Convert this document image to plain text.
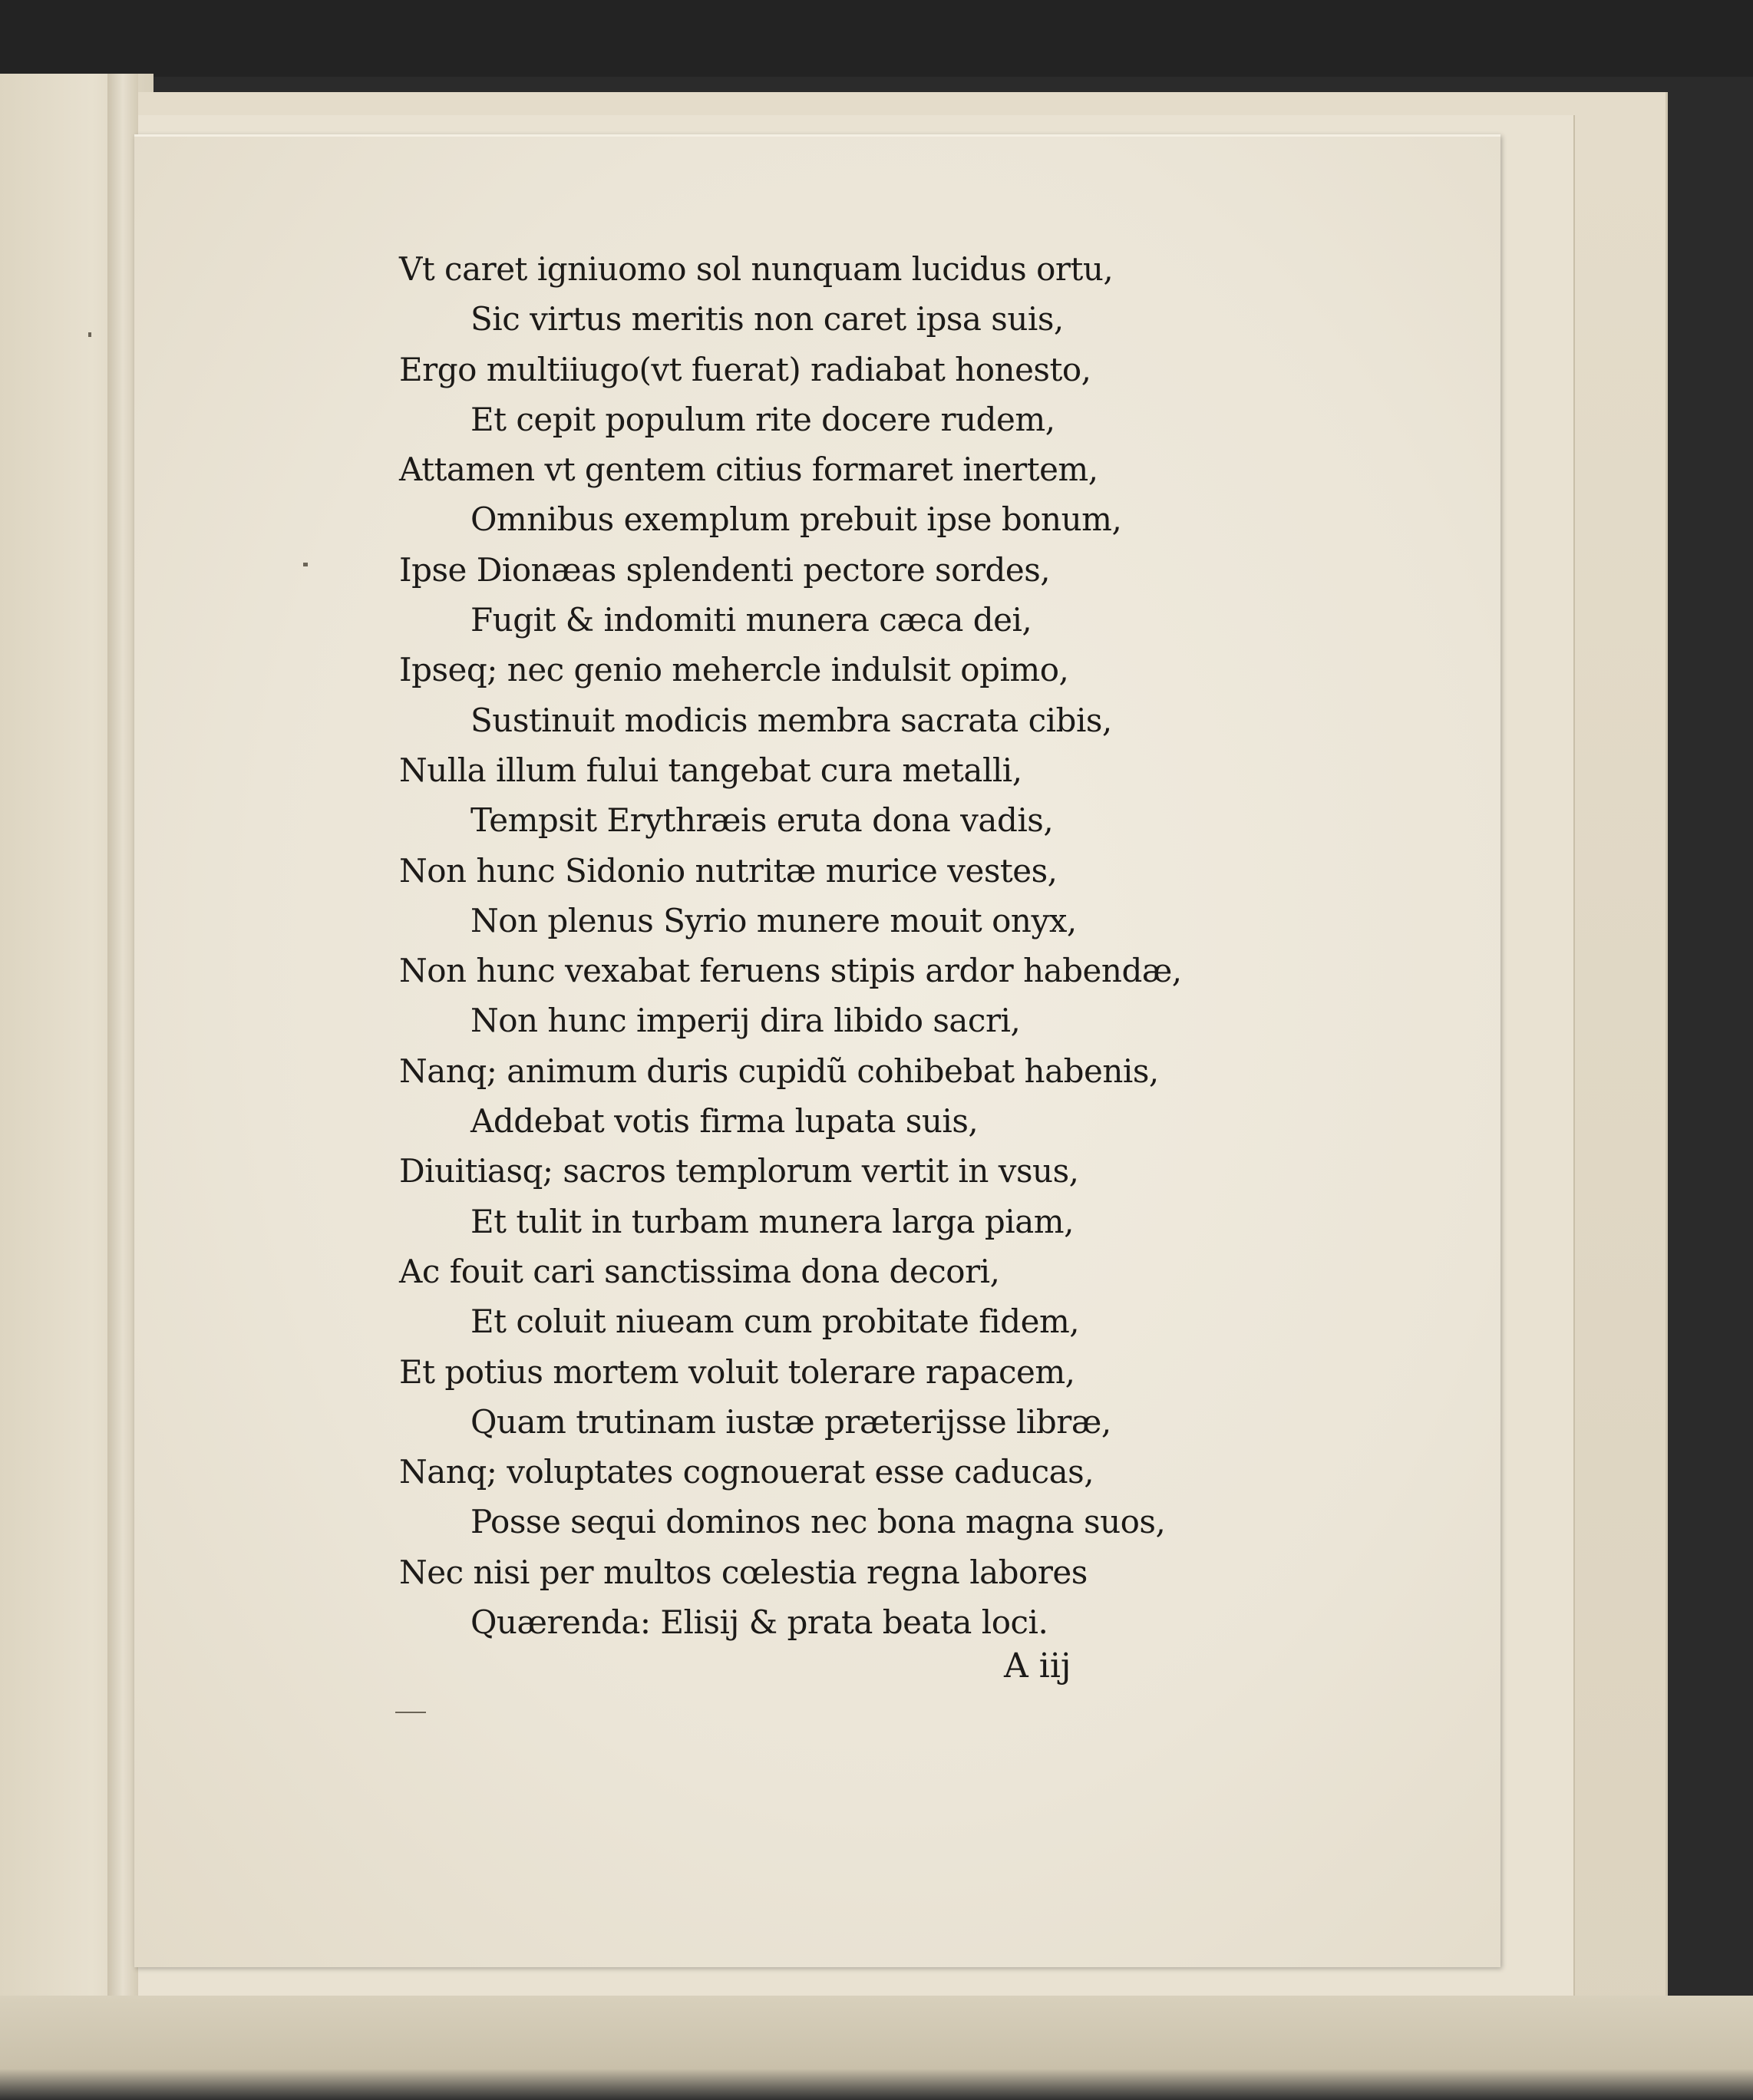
Vt caret igniuomo sol nunquam lucidus ortu,
Sic virtus meritis non caret ipsa suis,
Ergo multiiugo(vt fuerat) radiabat honesto,
Et cepit populum rite docere rudem,
Attamen vt gentem citius formaret inertem,
Omnibus exemplum prebuit ipse bonum,
Ipse Dionæas splendenti pectore sordes,
Fugit & indomiti munera cæca dei,
Ipseq; nec genio mehercle indulsit opimo,
Sustinuit modicis membra sacrata cibis,
Nulla illum fului tangebat cura metalli,
Tempsit Erythræis eruta dona vadis,
Non hunc Sidonio nutritæ murice vestes,
Non plenus Syrio munere mouit onyx,
Non hunc vexabat feruens stipis ardor habendæ,
Non hunc imperij dira libido sacri,
Nanq; animum duris cupidũ cohibebat habenis,
Addebat votis firma lupata suis,
Diuitiasq; sacros templorum vertit in vsus,
Et tulit in turbam munera larga piam,
Ac fouit cari sanctissima dona decori,
Et coluit niueam cum probitate fidem,
Et potius mortem voluit tolerare rapacem,
Quam trutinam iustæ præterijsse libræ,
Nanq; voluptates cognouerat esse caducas,
Posse sequi dominos nec bona magna suos,
Nec nisi per multos cœlestia regna labores
Quærenda: Elisij & prata beata loci.
A iij
